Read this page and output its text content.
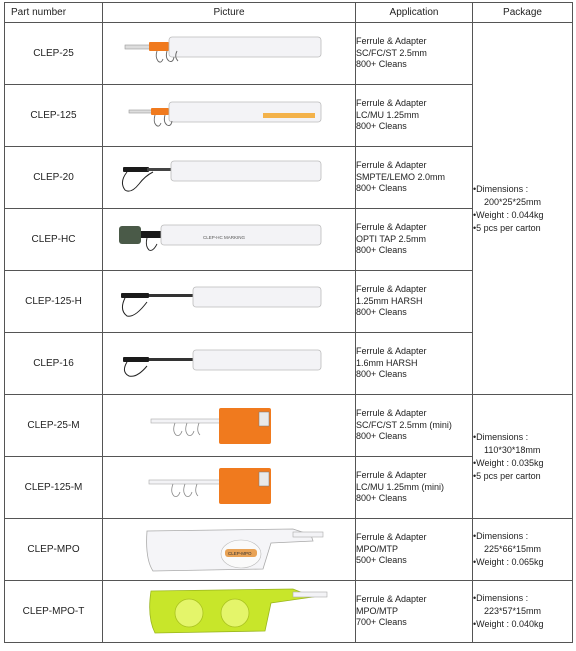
Part number	Picture	Application	Package
CLEP-25		Ferrule & Adapter
SC/FC/ST 2.5mm
800+ Cleans	•Dimensions :
200*25*25mm
•Weight : 0.044kg
•5 pcs per carton

CLEP-125		Ferrule & Adapter
LC/MU 1.25mm
800+ Cleans	

CLEP-20		Ferrule & Adapter
SMPTE/LEMO 2.0mm
800+ Cleans	

CLEP-HC	CLEP-HC MARKING	Ferrule & Adapter
OPTI TAP 2.5mm
800+ Cleans	

CLEP-125-H		Ferrule & Adapter
1.25mm HARSH
800+ Cleans	

CLEP-16		Ferrule & Adapter
1.6mm HARSH
800+ Cleans	

CLEP-25-M		Ferrule & Adapter
SC/FC/ST 2.5mm (mini)
800+ Cleans	•Dimensions :
110*30*18mm
•Weight : 0.035kg
•5 pcs per carton

CLEP-125-M		Ferrule & Adapter
LC/MU 1.25mm (mini)
800+ Cleans	

CLEP-MPO	CLEP-MPO	Ferrule & Adapter
MPO/MTP
500+ Cleans	•Dimensions :
225*66*15mm
•Weight : 0.065kg

CLEP-MPO-T		Ferrule & Adapter
MPO/MTP
700+ Cleans	•Dimensions :
223*57*15mm
•Weight : 0.040kg
